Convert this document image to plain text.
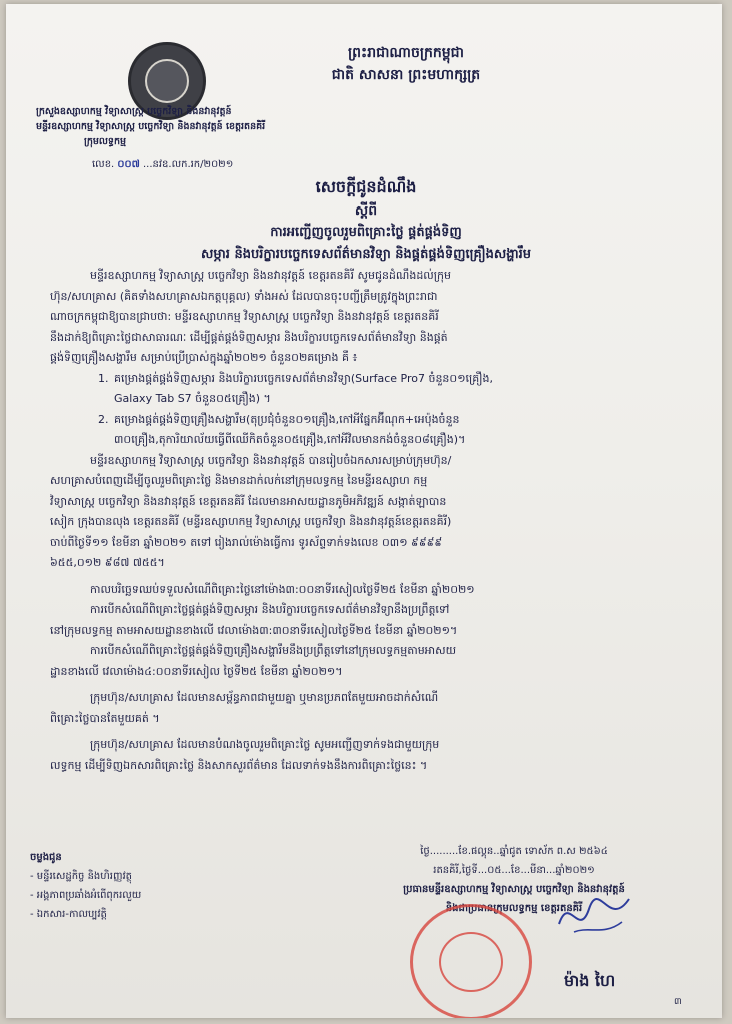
ព្រះរាជាណាចក្រកម្ពុជា
ជាតិ សាសនា ព្រះមហាក្សត្រ
ក្រសួងឧស្សាហកម្ម វិទ្យាសាស្ត្រ បច្ចេកវិទ្យា និងនវានុវត្តន៍
មន្ទីរឧស្សាហកម្ម វិទ្យាសាស្ត្រ បច្ចេកវិទ្យា និងនវានុវត្តន៍ ខេត្តរតនគិរី
ក្រុមលទ្ធកម្ម
លេខ. ០០៧ ...នវឧ.លក.រក/២០២១
សេចក្តីជូនដំណឹង
ស្តីពី
ការអញ្ជើញចូលរួមពិគ្រោះថ្លៃ ផ្គត់ផ្គង់ទិញ
សម្ភារ និងបរិក្ខារបច្ចេកទេសព័ត៌មានវិទ្យា និងផ្គត់ផ្គង់ទិញគ្រឿងសង្ហារឹម

មន្ទីរឧស្សាហកម្ម វិទ្យាសាស្ត្រ បច្ចេកវិទ្យា និងនវានុវត្តន៍ ខេត្តរតនគិរី សូមជូនដំណឹងដល់ក្រុម

ហ៊ុន/សហគ្រាស (គិតទាំងសហគ្រាសឯកត្តបុគ្គល) ទាំងអស់ ដែលបានចុះបញ្ជីត្រឹមត្រូវក្នុងព្រះរាជា

ណាចក្រកម្ពុជាឱ្យបានជ្រាបថា: មន្ទីរឧស្សាហកម្ម វិទ្យាសាស្ត្រ បច្ចេកវិទ្យា និងនវានុវត្តន៍ ខេត្តរតនគិរី

នឹងដាក់ឱ្យពិគ្រោះថ្លៃជាសាធារណៈ ដើម្បីផ្គត់ផ្គង់ទិញសម្ភារ និងបរិក្ខារបច្ចេកទេសព័ត៌មានវិទ្យា និងផ្គត់

ផ្គង់ទិញគ្រឿងសង្ហារឹម សម្រាប់ប្រើប្រាស់ក្នុងឆ្នាំ២០២១ ចំនួន០២គម្រោង គឺ ៖

1. គម្រោងផ្គត់ផ្គង់ទិញសម្ភារ និងបរិក្ខារបច្ចេកទេសព័ត៌មានវិទ្យា(Surface Pro7 ចំនួន០១គ្រឿង,

Galaxy Tab S7 ចំនួន០៥គ្រឿង) ។

2. គម្រោងផ្គត់ផ្គង់ទិញគ្រឿងសង្ហារឹម(តុប្រជុំចំនួន០១គ្រឿង,កៅអីផ្នែកអ៊ីណុក+អេប៉ុងចំនួន

៣០គ្រឿង,តុការិយាល័យធ្វើពីឈើកិតចំនួន០៥គ្រឿង,កៅអីវិលមានកង់ចំនួន០៨គ្រឿង)។

មន្ទីរឧស្សាហកម្ម វិទ្យាសាស្ត្រ បច្ចេកវិទ្យា និងនវានុវត្តន៍ បានរៀបចំឯកសារសម្រាប់ក្រុមហ៊ុន/

សហគ្រាសបំពេញដើម្បីចូលរួមពិគ្រោះថ្លៃ និងមានដាក់លក់នៅក្រុមលទ្ធកម្ម នៃមន្ទីរឧស្សាហ កម្ម

វិទ្យាសាស្ត្រ បច្ចេកវិទ្យា និងនវានុវត្តន៍ ខេត្តរតនគិរី ដែលមានអាសយដ្ឋានភូមិអភិវឌ្ឍន៍ សង្កាត់ឡាបាន

សៀក ក្រុងបានលុង ខេត្តរតនគិរី (មន្ទីរឧស្សាហកម្ម វិទ្យាសាស្ត្រ បច្ចេកវិទ្យា និងនវានុវត្តន៍ខេត្តរតនគិរី)

ចាប់ពីថ្ងៃទី១១ ខែមីនា ឆ្នាំ២០២១ តទៅ រៀងរាល់ម៉ោងធ្វើការ ទូរស័ព្ទទាក់ទងលេខ ០៣១ ៩៩៩៩

៦៥៥,០១២ ៩៨៧ ៧៥៥។

កាលបរិច្ឆេទឈប់ទទួលសំណើពិគ្រោះថ្លៃនៅម៉ោង៣:០០នាទីរសៀលថ្ងៃទី២៥ ខែមីនា ឆ្នាំ២០២១

ការបើកសំណើពិគ្រោះថ្លៃផ្គត់ផ្គង់ទិញសម្ភារ និងបរិក្ខារបច្ចេកទេសព័ត៌មានវិទ្យានឹងប្រព្រឹត្តទៅ

នៅក្រុមលទ្ធកម្ម តាមអាសយដ្ឋានខាងលើ វេលាម៉ោង៣:៣០នាទីរសៀលថ្ងៃទី២៥ ខែមីនា ឆ្នាំ២០២១។

ការបើកសំណើពិគ្រោះថ្លៃផ្គត់ផ្គង់ទិញគ្រឿងសង្ហារឹមនឹងប្រព្រឹត្តទៅនៅក្រុមលទ្ធកម្មតាមអាសយ

ដ្ឋានខាងលើ វេលាម៉ោង៤:០០នាទីរសៀល ថ្ងៃទី២៥ ខែមីនា ឆ្នាំ២០២១។

ក្រុមហ៊ុន/សហគ្រាស ដែលមានសម្ព័ន្ធភាពជាមួយគ្នា ឬមានប្រភពតែមួយអាចដាក់សំណើ

ពិគ្រោះថ្លៃបានតែមួយគត់ ។

ក្រុមហ៊ុន/សហគ្រាស ដែលមានបំណងចូលរួមពិគ្រោះថ្លៃ សូមអញ្ជើញទាក់ទងជាមួយក្រុម

លទ្ធកម្ម ដើម្បីទិញឯកសារពិគ្រោះថ្លៃ និងសាកសួរព័ត៌មាន ដែលទាក់ទងនឹងការពិគ្រោះថ្លៃនេះ ។

ចម្លងជូន
- មន្ទីរសេដ្ឋកិច្ច និងហិរញ្ញវត្ថុ
- អង្គភាពប្រឆាំងអំពើពុករលួយ
- ឯកសារ-កាលប្បវត្តិ
ថ្ងៃ.........ខែ.ផល្គុន..ឆ្នាំជូត ទោស័ក ព.ស ២៥៦៤
រតនគិរី,ថ្ងៃទី...០៥...ខែ...មីនា...ឆ្នាំ២០២១
ប្រធានមន្ទីរឧស្សាហកម្ម វិទ្យាសាស្ត្រ បច្ចេកវិទ្យា និងនវានុវត្តន៍
និងជាប្រធានក្រុមលទ្ធកម្ម ខេត្តរតនគិរី
ម៉ាង ហៃ
៣
